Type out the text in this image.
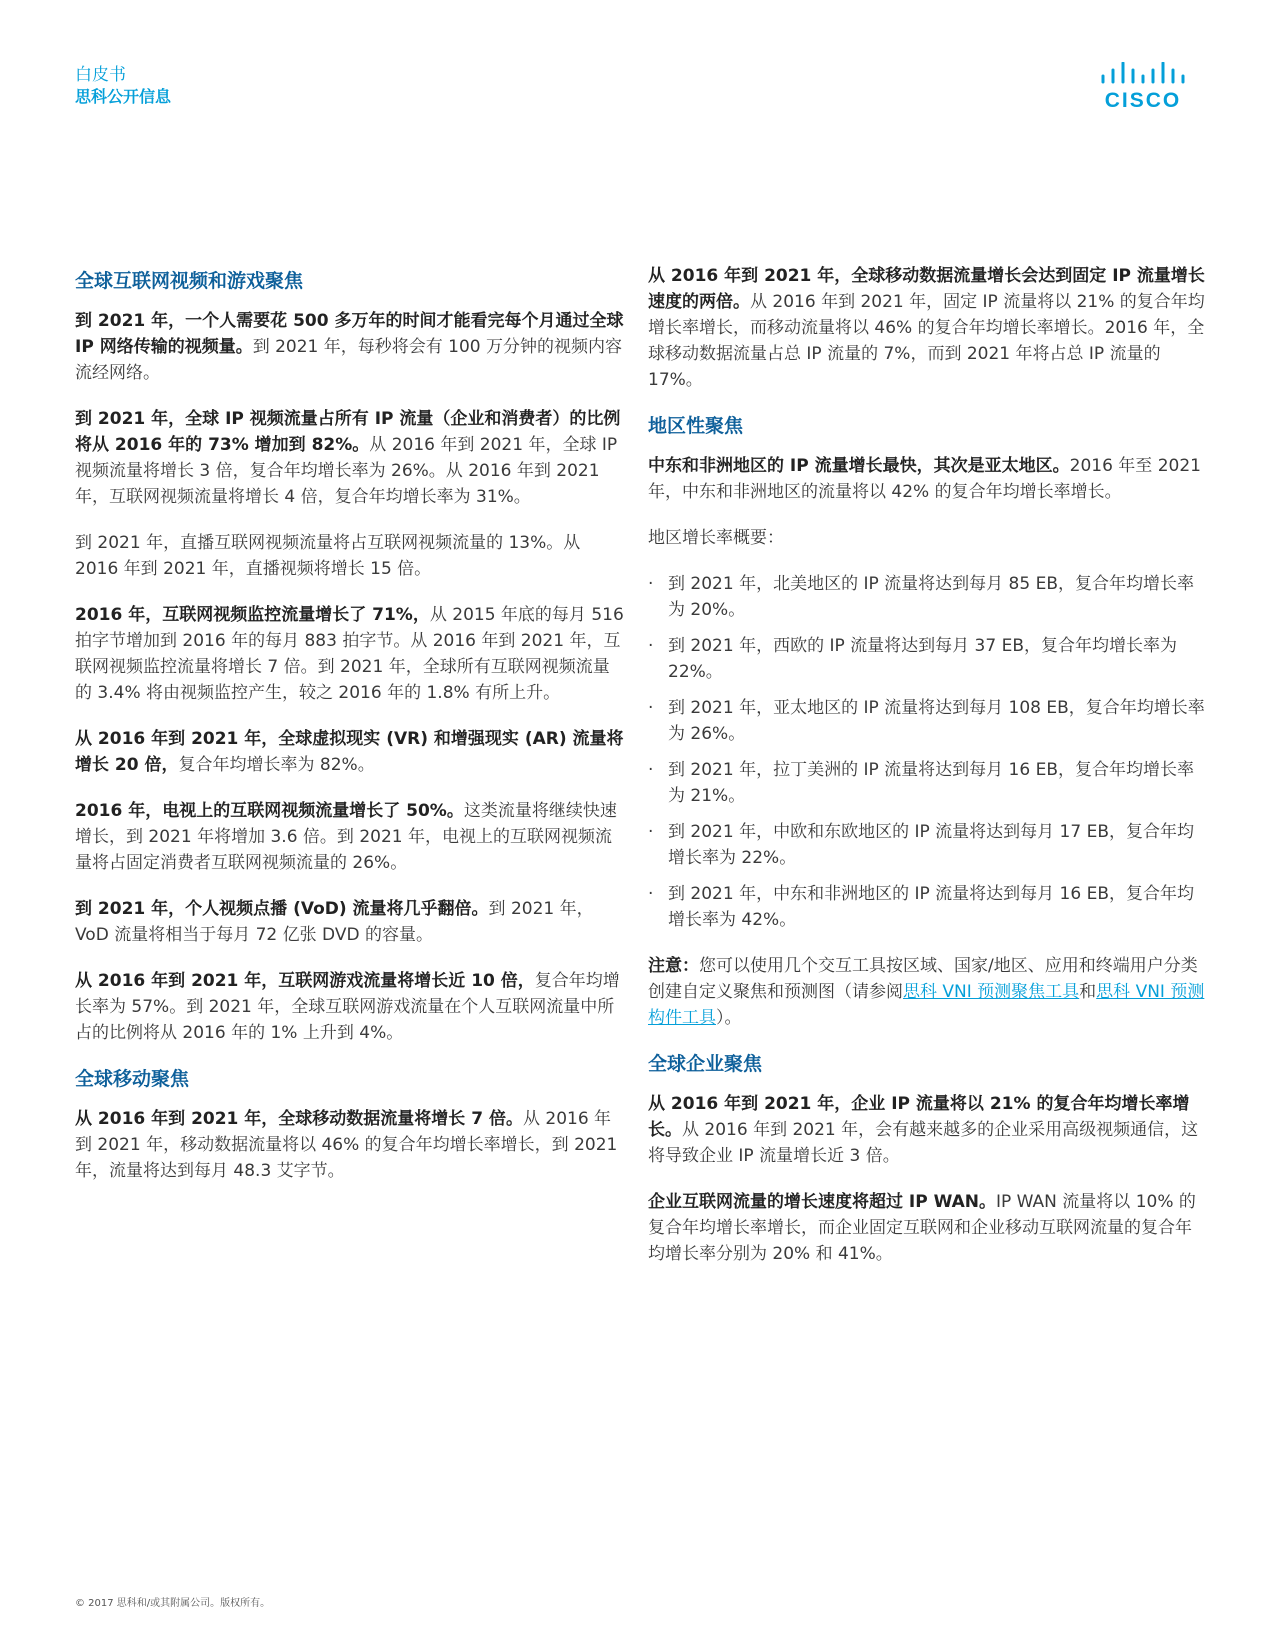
白皮书
思科公开信息	CISCO
全球互联网视频和游戏聚焦

到 2021 年，一个人需要花 500 多万年的时间才能看完每个月通过全球 IP 网络传输的视频量。到 2021 年，每秒将会有 100 万分钟的视频内容流经网络。

到 2021 年，全球 IP 视频流量占所有 IP 流量（企业和消费者）的比例将从 2016 年的 73% 增加到 82%。从 2016 年到 2021 年，全球 IP 视频流量将增长 3 倍，复合年均增长率为 26%。从 2016 年到 2021 年，互联网视频流量将增长 4 倍，复合年均增长率为 31%。

到 2021 年，直播互联网视频流量将占互联网视频流量的 13%。从 2016 年到 2021 年，直播视频将增长 15 倍。

2016 年，互联网视频监控流量增长了 71%，从 2015 年底的每月 516 拍字节增加到 2016 年的每月 883 拍字节。从 2016 年到 2021 年，互联网视频监控流量将增长 7 倍。到 2021 年，全球所有互联网视频流量的 3.4% 将由视频监控产生，较之 2016 年的 1.8% 有所上升。

从 2016 年到 2021 年，全球虚拟现实 (VR) 和增强现实 (AR) 流量将增长 20 倍，复合年均增长率为 82%。

2016 年，电视上的互联网视频流量增长了 50%。这类流量将继续快速增长，到 2021 年将增加 3.6 倍。到 2021 年，电视上的互联网视频流量将占固定消费者互联网视频流量的 26%。

到 2021 年，个人视频点播 (VoD) 流量将几乎翻倍。到 2021 年，VoD 流量将相当于每月 72 亿张 DVD 的容量。

从 2016 年到 2021 年，互联网游戏流量将增长近 10 倍，复合年均增长率为 57%。到 2021 年，全球互联网游戏流量在个人互联网流量中所占的比例将从 2016 年的 1% 上升到 4%。

全球移动聚焦

从 2016 年到 2021 年，全球移动数据流量将增长 7 倍。从 2016 年到 2021 年，移动数据流量将以 46% 的复合年均增长率增长，到 2021 年，流量将达到每月 48.3 艾字节。

从 2016 年到 2021 年，全球移动数据流量增长会达到固定 IP 流量增长速度的两倍。从 2016 年到 2021 年，固定 IP 流量将以 21% 的复合年均增长率增长，而移动流量将以 46% 的复合年均增长率增长。2016 年，全球移动数据流量占总 IP 流量的 7%，而到 2021 年将占总 IP 流量的 17%。

地区性聚焦

中东和非洲地区的 IP 流量增长最快，其次是亚太地区。2016 年至 2021 年，中东和非洲地区的流量将以 42% 的复合年均增长率增长。

地区增长率概要：

· 到 2021 年，北美地区的 IP 流量将达到每月 85 EB，复合年均增长率为 20%。
· 到 2021 年，西欧的 IP 流量将达到每月 37 EB，复合年均增长率为 22%。
· 到 2021 年，亚太地区的 IP 流量将达到每月 108 EB，复合年均增长率为 26%。
· 到 2021 年，拉丁美洲的 IP 流量将达到每月 16 EB，复合年均增长率为 21%。
· 到 2021 年，中欧和东欧地区的 IP 流量将达到每月 17 EB，复合年均增长率为 22%。
· 到 2021 年，中东和非洲地区的 IP 流量将达到每月 16 EB，复合年均增长率为 42%。

注意：您可以使用几个交互工具按区域、国家/地区、应用和终端用户分类创建自定义聚焦和预测图（请参阅思科 VNI 预测聚焦工具和思科 VNI 预测构件工具）。

全球企业聚焦

从 2016 年到 2021 年，企业 IP 流量将以 21% 的复合年均增长率增长。从 2016 年到 2021 年，会有越来越多的企业采用高级视频通信，这将导致企业 IP 流量增长近 3 倍。

企业互联网流量的增长速度将超过 IP WAN。IP WAN 流量将以 10% 的复合年均增长率增长，而企业固定互联网和企业移动互联网流量的复合年均增长率分别为 20% 和 41%。

© 2017 思科和/或其附属公司。版权所有。
